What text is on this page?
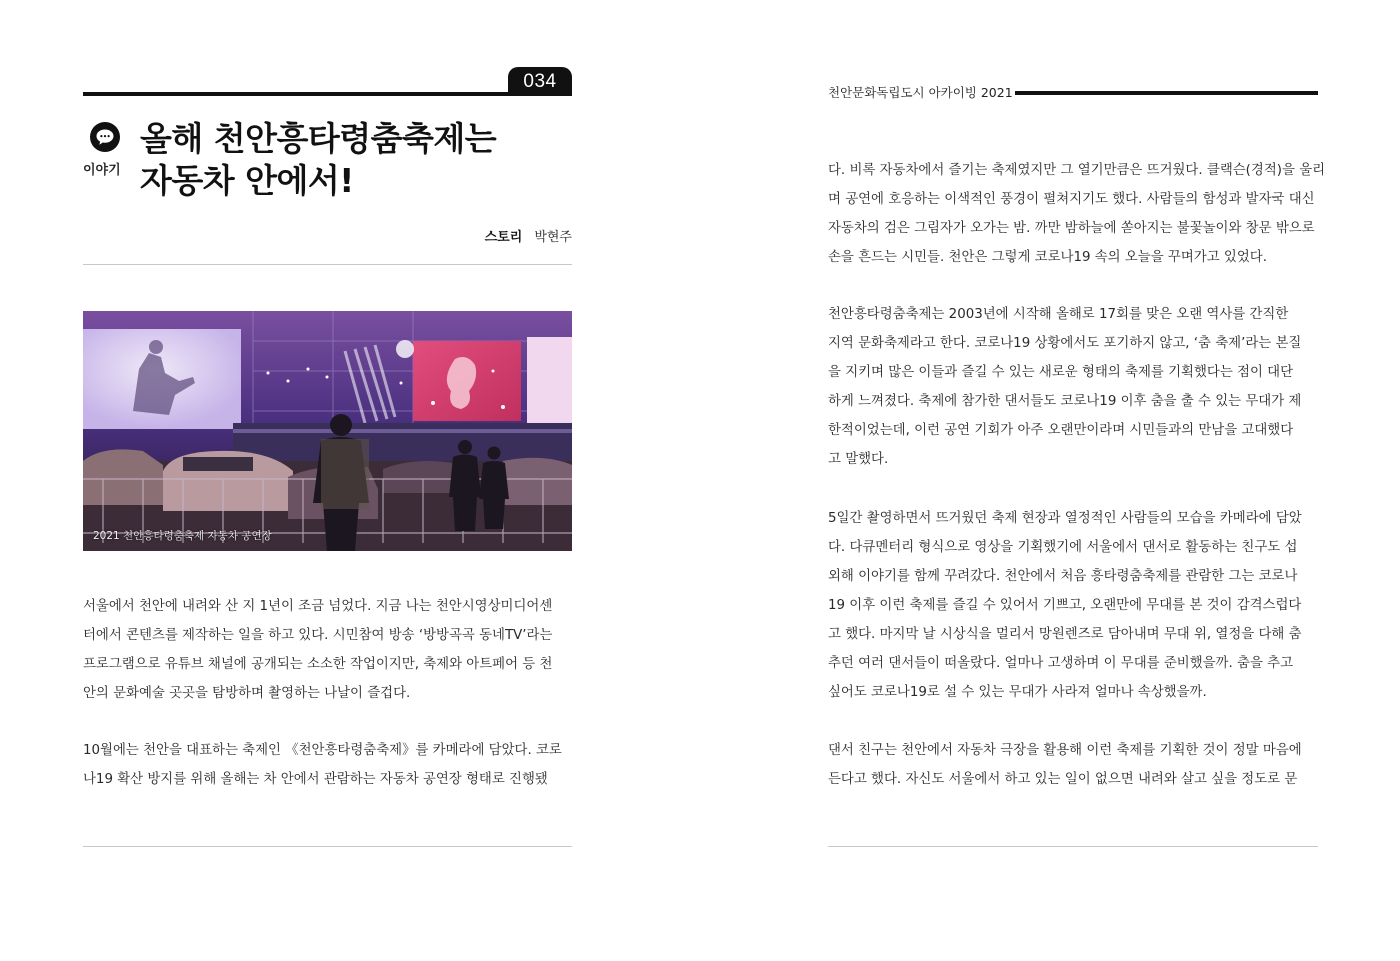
034
천안문화독립도시 아카이빙 2021
이야기
올해 천안흥타령춤축제는
자동차 안에서!
스토리 박현주
2021 천안흥타령춤축제 자동차 공연장
서울에서 천안에 내려와 산 지 1년이 조금 넘었다. 지금 나는 천안시영상미디어센
터에서 콘텐츠를 제작하는 일을 하고 있다. 시민참여 방송 ‘방방곡곡 동네TV’라는
프로그램으로 유튜브 채널에 공개되는 소소한 작업이지만, 축제와 아트페어 등 천
안의 문화예술 곳곳을 탐방하며 촬영하는 나날이 즐겁다.
10월에는 천안을 대표하는 축제인 《천안흥타령춤축제》를 카메라에 담았다. 코로
나19 확산 방지를 위해 올해는 차 안에서 관람하는 자동차 공연장 형태로 진행됐
다. 비록 자동차에서 즐기는 축제였지만 그 열기만큼은 뜨거웠다. 클랙슨(경적)을 울리
며 공연에 호응하는 이색적인 풍경이 펼쳐지기도 했다. 사람들의 함성과 발자국 대신
자동차의 검은 그림자가 오가는 밤. 까만 밤하늘에 쏟아지는 불꽃놀이와 창문 밖으로
손을 흔드는 시민들. 천안은 그렇게 코로나19 속의 오늘을 꾸며가고 있었다.
천안흥타령춤축제는 2003년에 시작해 올해로 17회를 맞은 오랜 역사를 간직한
지역 문화축제라고 한다. 코로나19 상황에서도 포기하지 않고, ‘춤 축제’라는 본질
을 지키며 많은 이들과 즐길 수 있는 새로운 형태의 축제를 기획했다는 점이 대단
하게 느껴졌다. 축제에 참가한 댄서들도 코로나19 이후 춤을 출 수 있는 무대가 제
한적이었는데, 이런 공연 기회가 아주 오랜만이라며 시민들과의 만남을 고대했다
고 말했다.
5일간 촬영하면서 뜨거웠던 축제 현장과 열정적인 사람들의 모습을 카메라에 담았
다. 다큐멘터리 형식으로 영상을 기획했기에 서울에서 댄서로 활동하는 친구도 섭
외해 이야기를 함께 꾸려갔다. 천안에서 처음 흥타령춤축제를 관람한 그는 코로나
19 이후 이런 축제를 즐길 수 있어서 기쁘고, 오랜만에 무대를 본 것이 감격스럽다
고 했다. 마지막 날 시상식을 멀리서 망원렌즈로 담아내며 무대 위, 열정을 다해 춤
추던 여러 댄서들이 떠올랐다. 얼마나 고생하며 이 무대를 준비했을까. 춤을 추고
싶어도 코로나19로 설 수 있는 무대가 사라져 얼마나 속상했을까.
댄서 친구는 천안에서 자동차 극장을 활용해 이런 축제를 기획한 것이 정말 마음에
든다고 했다. 자신도 서울에서 하고 있는 일이 없으면 내려와 살고 싶을 정도로 문
